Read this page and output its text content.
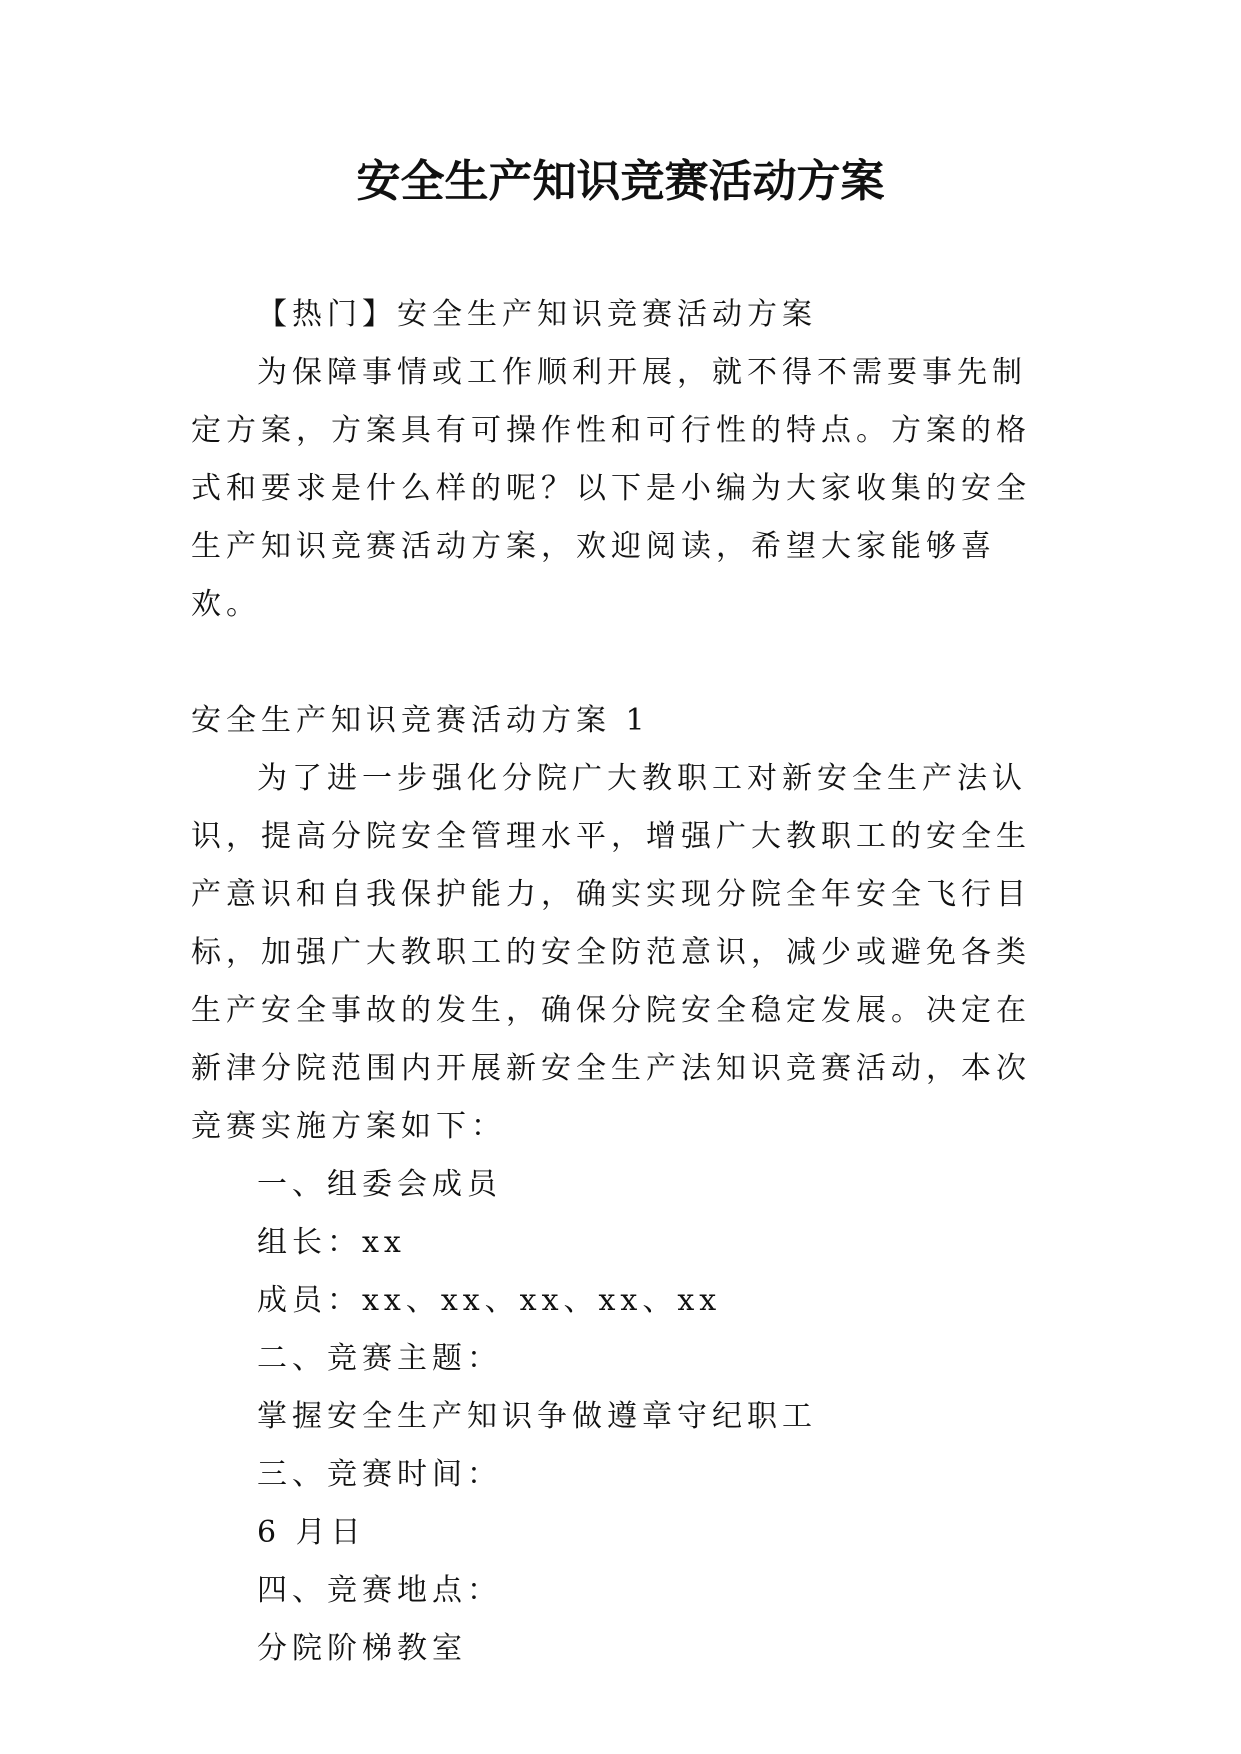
安全生产知识竞赛活动方案

【热门】安全生产知识竞赛活动方案

为保障事情或工作顺利开展，就不得不需要事先制定方案，方案具有可操作性和可行性的特点。方案的格式和要求是什么样的呢？以下是小编为大家收集的安全生产知识竞赛活动方案，欢迎阅读，希望大家能够喜欢。

安全生产知识竞赛活动方案 1

为了进一步强化分院广大教职工对新安全生产法认识，提高分院安全管理水平，增强广大教职工的安全生产意识和自我保护能力，确实实现分院全年安全飞行目标，加强广大教职工的安全防范意识，减少或避免各类生产安全事故的发生，确保分院安全稳定发展。决定在新津分院范围内开展新安全生产法知识竞赛活动，本次竞赛实施方案如下：

一、组委会成员

组长：xx

成员：xx、xx、xx、xx、xx

二、竞赛主题：

掌握安全生产知识争做遵章守纪职工

三、竞赛时间：

6 月日

四、竞赛地点：

分院阶梯教室
